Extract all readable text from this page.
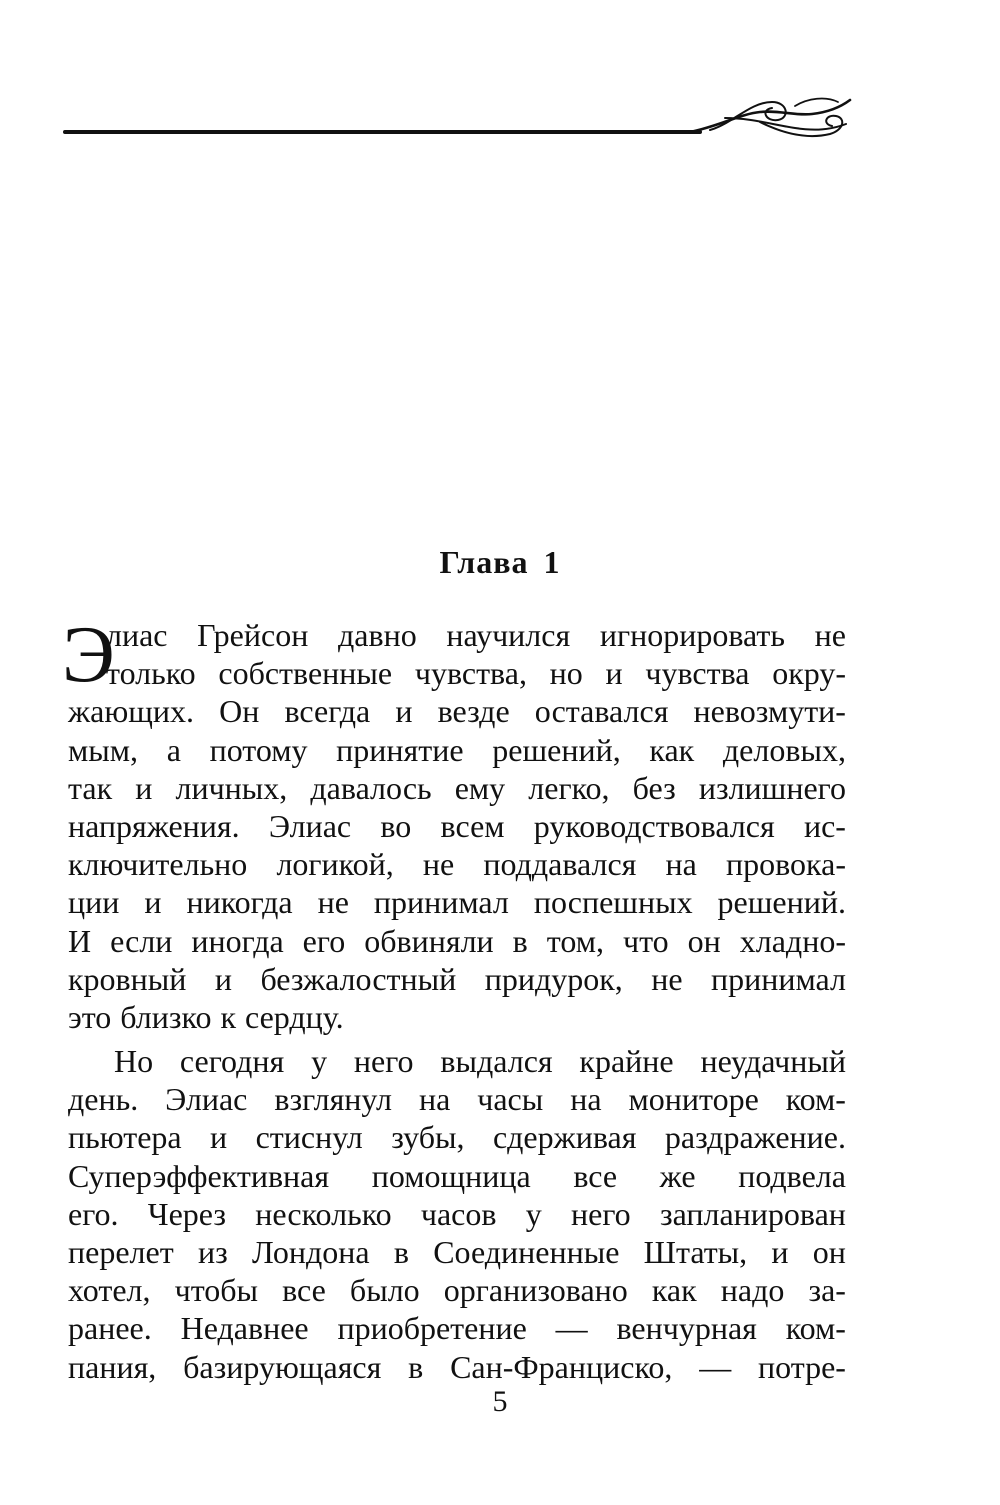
Глава 1
Э
лиас Грейсон давно научился игнорировать не
только собственные чувства, но и чувства окру-
жающих. Он всегда и везде оставался невозмути-
мым, а потому принятие решений, как деловых,
так и личных, давалось ему легко, без излишнего
напряжения. Элиас во всем руководствовался ис-
ключительно логикой, не поддавался на провока-
ции и никогда не принимал поспешных решений.
И если иногда его обвиняли в том, что он хладно-
кровный и безжалостный придурок, не принимал
это близко к сердцу.
Но сегодня у него выдался крайне неудачный
день. Элиас взглянул на часы на мониторе ком-
пьютера и стиснул зубы, сдерживая раздражение.
Суперэффективная помощница все же подвела
его. Через несколько часов у него запланирован
перелет из Лондона в Соединенные Штаты, и он
хотел, чтобы все было организовано как надо за-
ранее. Недавнее приобретение — венчурная ком-
пания, базирующаяся в Сан-Франциско, — потре-
5
